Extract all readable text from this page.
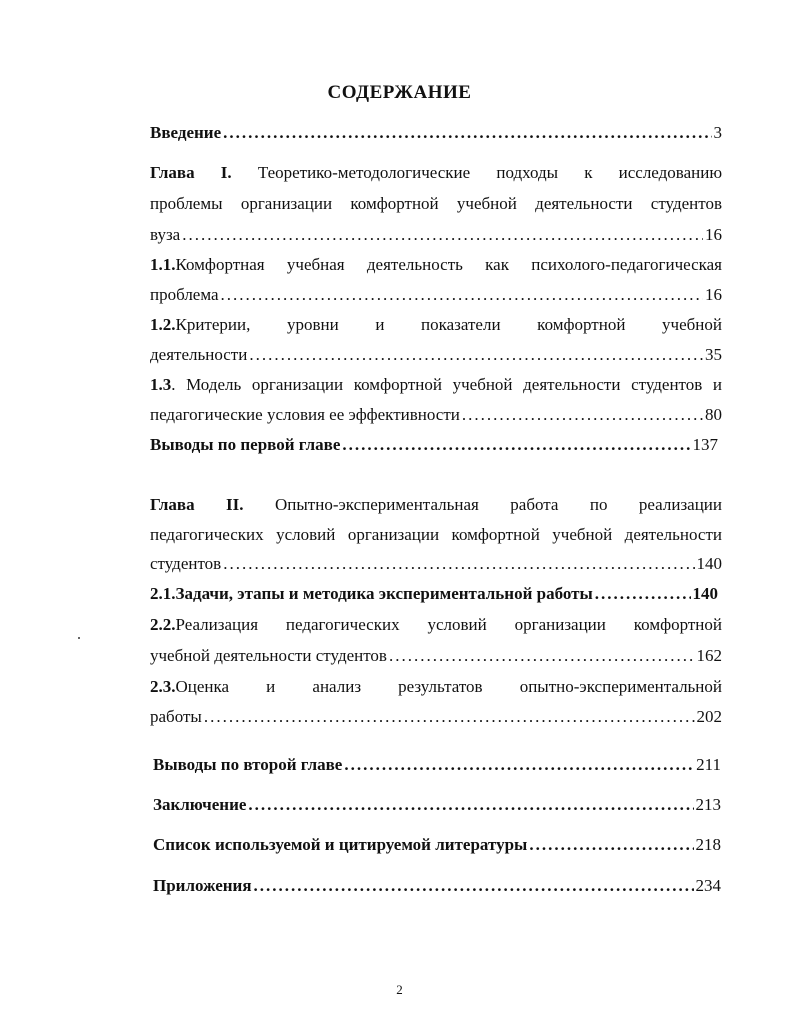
СОДЕРЖАНИЕ
Введение .....	3
Глава I. Теоретико-методологические подходы к исследованию
проблемы организации комфортной учебной деятельности студентов
вуза .....	16
1.1.Комфортная учебная деятельность как психолого-педагогическая
проблема .....	16
1.2.Критерии, уровни и показатели комфортной учебной
деятельности .....	35
1.3. Модель организации комфортной учебной деятельности студентов и
педагогические условия ее эффективности .....	80
Выводы по первой главе .....	137
Глава II. Опытно-экспериментальная работа по реализации
педагогических условий организации комфортной учебной деятельности
студентов .....	140
2.1.Задачи, этапы и методика экспериментальной работы .....	140
2.2.Реализация педагогических условий организации комфортной
учебной деятельности студентов .....	162
2.3.Оценка и анализ результатов опытно-экспериментальной
работы .....	202
Выводы по второй главе .....	211
Заключение .....	213
Список используемой и цитируемой литературы .....	218
Приложения .....	234
2
